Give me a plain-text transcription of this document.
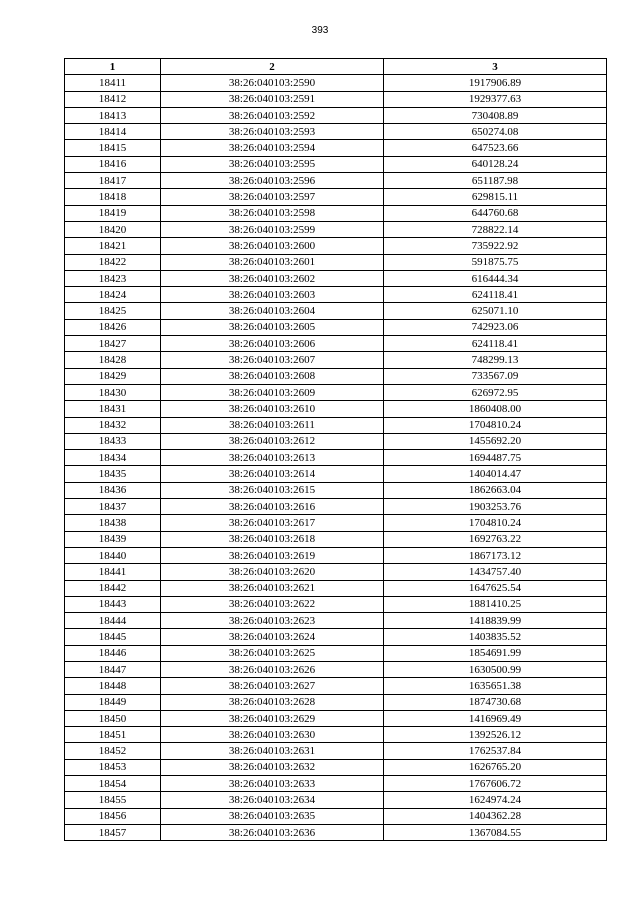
393
1	2	3
18411	38:26:040103:2590	1917906.89
18412	38:26:040103:2591	1929377.63
18413	38:26:040103:2592	730408.89
18414	38:26:040103:2593	650274.08
18415	38:26:040103:2594	647523.66
18416	38:26:040103:2595	640128.24
18417	38:26:040103:2596	651187.98
18418	38:26:040103:2597	629815.11
18419	38:26:040103:2598	644760.68
18420	38:26:040103:2599	728822.14
18421	38:26:040103:2600	735922.92
18422	38:26:040103:2601	591875.75
18423	38:26:040103:2602	616444.34
18424	38:26:040103:2603	624118.41
18425	38:26:040103:2604	625071.10
18426	38:26:040103:2605	742923.06
18427	38:26:040103:2606	624118.41
18428	38:26:040103:2607	748299.13
18429	38:26:040103:2608	733567.09
18430	38:26:040103:2609	626972.95
18431	38:26:040103:2610	1860408.00
18432	38:26:040103:2611	1704810.24
18433	38:26:040103:2612	1455692.20
18434	38:26:040103:2613	1694487.75
18435	38:26:040103:2614	1404014.47
18436	38:26:040103:2615	1862663.04
18437	38:26:040103:2616	1903253.76
18438	38:26:040103:2617	1704810.24
18439	38:26:040103:2618	1692763.22
18440	38:26:040103:2619	1867173.12
18441	38:26:040103:2620	1434757.40
18442	38:26:040103:2621	1647625.54
18443	38:26:040103:2622	1881410.25
18444	38:26:040103:2623	1418839.99
18445	38:26:040103:2624	1403835.52
18446	38:26:040103:2625	1854691.99
18447	38:26:040103:2626	1630500.99
18448	38:26:040103:2627	1635651.38
18449	38:26:040103:2628	1874730.68
18450	38:26:040103:2629	1416969.49
18451	38:26:040103:2630	1392526.12
18452	38:26:040103:2631	1762537.84
18453	38:26:040103:2632	1626765.20
18454	38:26:040103:2633	1767606.72
18455	38:26:040103:2634	1624974.24
18456	38:26:040103:2635	1404362.28
18457	38:26:040103:2636	1367084.55
